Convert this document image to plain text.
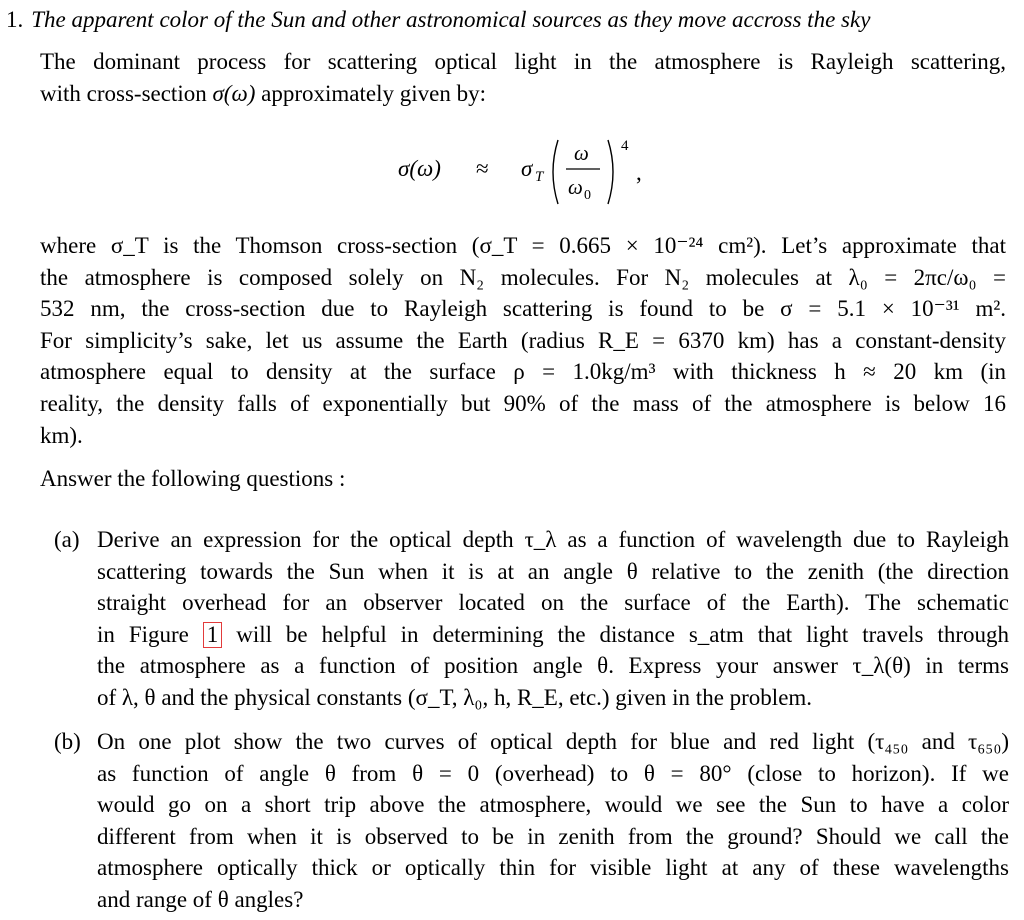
1. The apparent color of the Sun and other astronomical sources as they move accross the sky
The dominant process for scattering optical light in the atmosphere is Rayleigh scattering,
with cross-section σ(ω) approximately given by:
σ(ω) ≈ σ T
ω
ω 0
4
,
where σ_T is the Thomson cross-section (σ_T = 0.665 × 10⁻²⁴ cm²). Let’s approximate that
the atmosphere is composed solely on N₂ molecules. For N₂ molecules at λ₀ = 2πc/ω₀ =
532 nm, the cross-section due to Rayleigh scattering is found to be σ = 5.1 × 10⁻³¹ m².
For simplicity’s sake, let us assume the Earth (radius R_E = 6370 km) has a constant-density
atmosphere equal to density at the surface ρ = 1.0kg/m³ with thickness h ≈ 20 km (in
reality, the density falls of exponentially but 90% of the mass of the atmosphere is below 16
km).
Answer the following questions :
(a) Derive an expression for the optical depth τ_λ as a function of wavelength due to Rayleigh
scattering towards the Sun when it is at an angle θ relative to the zenith (the direction
straight overhead for an observer located on the surface of the Earth). The schematic
in Figure 1 will be helpful in determining the distance s_atm that light travels through
the atmosphere as a function of position angle θ. Express your answer τ_λ(θ) in terms
of λ, θ and the physical constants (σ_T, λ₀, h, R_E, etc.) given in the problem.
(b) On one plot show the two curves of optical depth for blue and red light (τ₄₅₀ and τ₆₅₀)
as function of angle θ from θ = 0 (overhead) to θ = 80° (close to horizon). If we
would go on a short trip above the atmosphere, would we see the Sun to have a color
different from when it is observed to be in zenith from the ground? Should we call the
atmosphere optically thick or optically thin for visible light at any of these wavelengths
and range of θ angles?
